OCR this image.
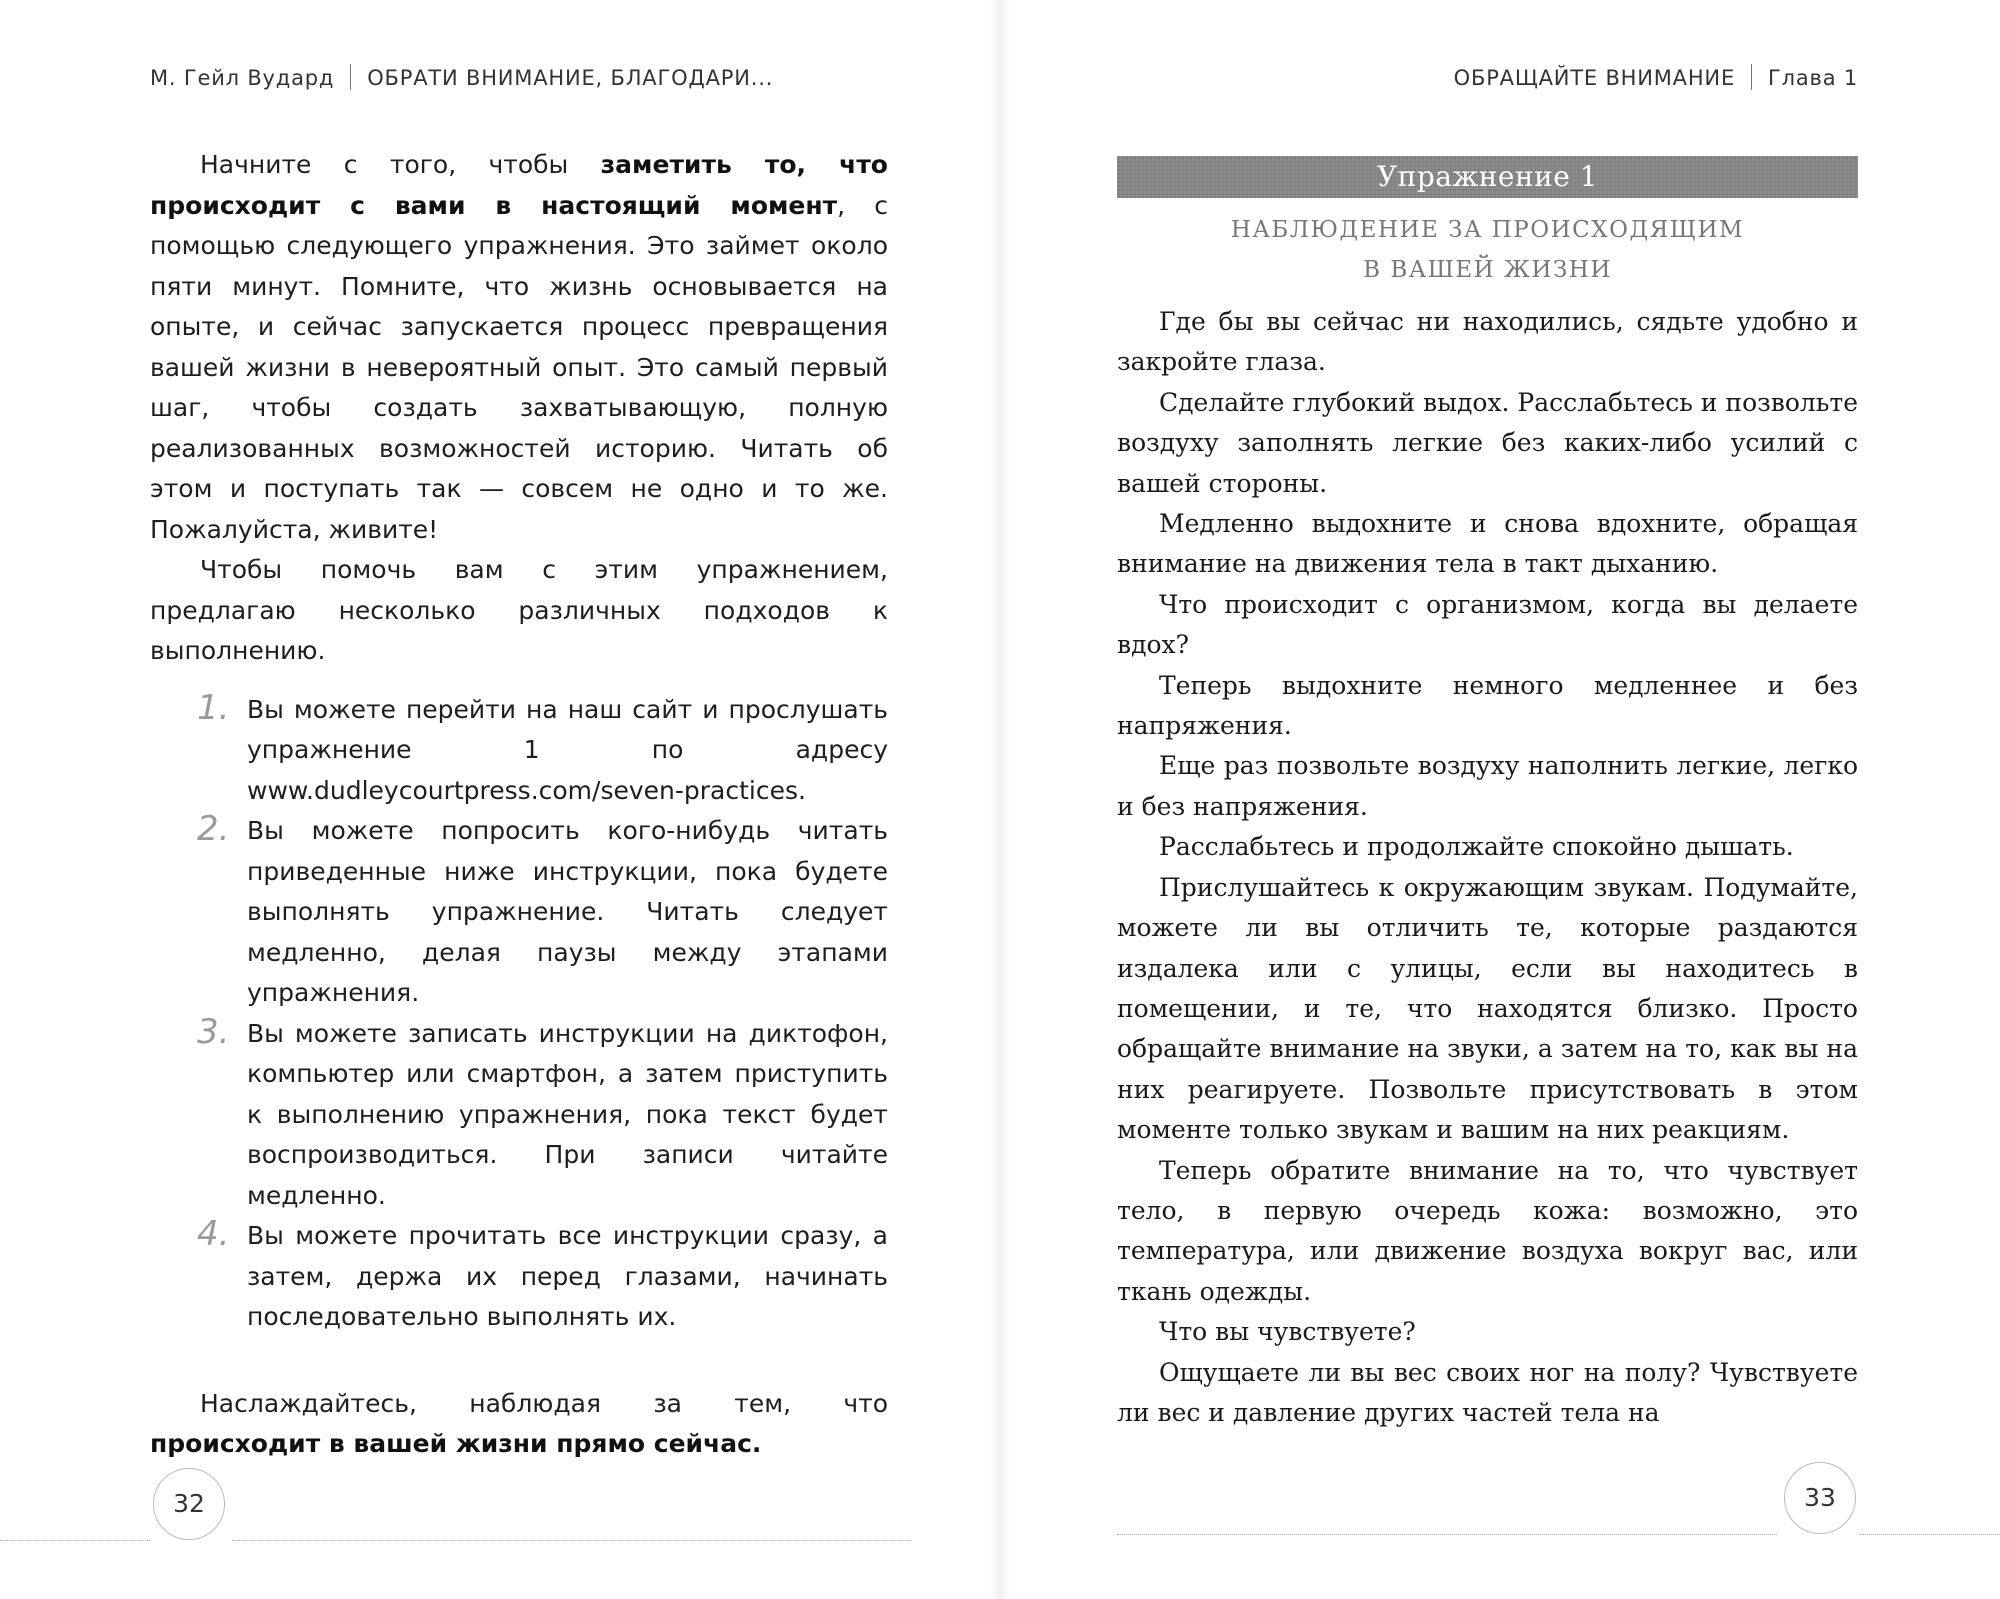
М. Гейл Вудард ОБРАТИ ВНИМАНИЕ, БЛАГОДАРИ...

Начните с того, чтобы заметить то, что происходит с вами в настоящий момент, с помощью следующего упражнения. Это займет около пяти минут. Помните, что жизнь основывается на опыте, и сейчас запускается процесс превращения вашей жизни в невероятный опыт. Это самый первый шаг, чтобы создать захватывающую, полную реализованных возможностей историю. Читать об этом и поступать так — совсем не одно и то же. Пожалуйста, живите!

Чтобы помочь вам с этим упражнением, предлагаю несколько различных подходов к выполнению.

1. Вы можете перейти на наш сайт и прослушать упражнение 1 по адресу www.dudleycourtpress.com/seven-practices.
2. Вы можете попросить кого-нибудь читать приведенные ниже инструкции, пока будете выполнять упражнение. Читать следует медленно, делая паузы между этапами упражнения.
3. Вы можете записать инструкции на диктофон, компьютер или смартфон, а затем приступить к выполнению упражнения, пока текст будет воспроизводиться. При записи читайте медленно.
4. Вы можете прочитать все инструкции сразу, а затем, держа их перед глазами, начинать последовательно выполнять их.

Наслаждайтесь, наблюдая за тем, что происходит в вашей жизни прямо сейчас.

32
ОБРАЩАЙТЕ ВНИМАНИЕ Глава 1
Упражнение 1
НАБЛЮДЕНИЕ ЗА ПРОИСХОДЯЩИМ
В ВАШЕЙ ЖИЗНИ

Где бы вы сейчас ни находились, сядьте удобно и закройте глаза.

Сделайте глубокий выдох. Расслабьтесь и позвольте воздуху заполнять легкие без каких-либо усилий с вашей стороны.

Медленно выдохните и снова вдохните, обращая внимание на движения тела в такт дыханию.

Что происходит с организмом, когда вы делаете вдох?

Теперь выдохните немного медленнее и без напряжения.

Еще раз позвольте воздуху наполнить легкие, легко и без напряжения.

Расслабьтесь и продолжайте спокойно дышать.

Прислушайтесь к окружающим звукам. Подумайте, можете ли вы отличить те, которые раздаются издалека или с улицы, если вы находитесь в помещении, и те, что находятся близко. Просто обращайте внимание на звуки, а затем на то, как вы на них реагируете. Позвольте присутствовать в этом моменте только звукам и вашим на них реакциям.

Теперь обратите внимание на то, что чувствует тело, в первую очередь кожа: возможно, это температура, или движение воздуха вокруг вас, или ткань одежды.

Что вы чувствуете?

Ощущаете ли вы вес своих ног на полу? Чувствуете ли вес и давление других частей тела на

33
